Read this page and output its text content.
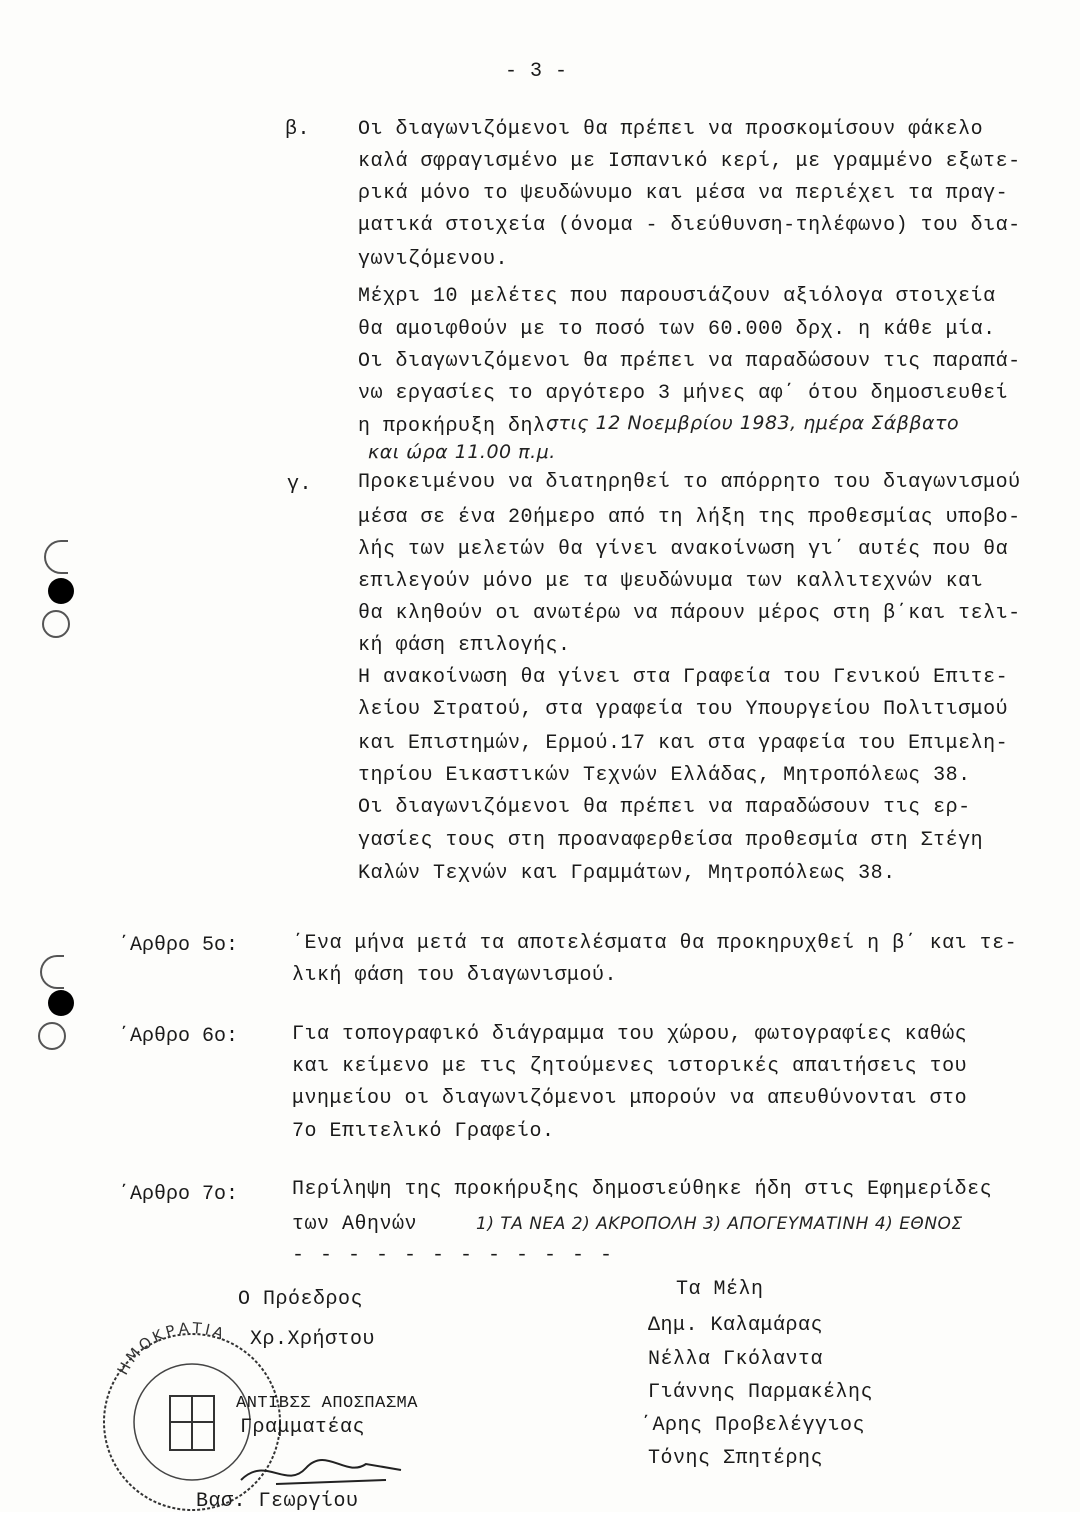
- 3 -
β. Οι διαγωνιζόμενοι θα πρέπει να προσκομίσουν φάκελο
καλά σφραγισμένο με Ισπανικό κερί, με γραμμένο εξωτε-
ρικά μόνο το ψευδώνυμο και μέσα να περιέχει τα πραγ-
ματικά στοιχεία (όνομα - διεύθυνση-τηλέφωνο) του δια-
γωνιζόμενου.
Μέχρι 10 μελέτες που παρουσιάζουν αξιόλογα στοιχεία
θα αμοιφθούν με το ποσό των 60.000 δρχ. η κάθε μία.
Οι διαγωνιζόμενοι θα πρέπει να παραδώσουν τις παραπά-
νω εργασίες το αργότερο 3 μήνες αφ΄ ότου δημοσιευθεί
η προκήρυξη δηλ.
στις 12 Νοεμβρίου 1983, ημέρα Σάββατο
και ώρα 11.00 π.μ.
γ. Προκειμένου να διατηρηθεί το απόρρητο του διαγωνισμού
μέσα σε ένα 20ήμερο από τη λήξη της προθεσμίας υποβο-
λής των μελετών θα γίνει ανακοίνωση γι΄ αυτές που θα
επιλεγούν μόνο με τα ψευδώνυμα των καλλιτεχνών και
θα κληθούν οι ανωτέρω να πάρουν μέρος στη β΄και τελι-
κή φάση επιλογής.
Η ανακοίνωση θα γίνει στα Γραφεία του Γενικού Επιτε-
λείου Στρατού, στα γραφεία του Υπουργείου Πολιτισμού
και Επιστημών, Ερμού.17 και στα γραφεία του Επιμελη-
τηρίου Εικαστικών Τεχνών Ελλάδας, Μητροπόλεως 38.
Οι διαγωνιζόμενοι θα πρέπει να παραδώσουν τις ερ-
γασίες τους στη προαναφερθείσα προθεσμία στη Στέγη
Καλών Τεχνών και Γραμμάτων, Μητροπόλεως 38.
΄Αρθρο 5ο:	΄Ενα μήνα μετά τα αποτελέσματα θα προκηρυχθεί η β΄ και τε-
λική φάση του διαγωνισμού.
΄Αρθρο 6ο:	Για τοπογραφικό διάγραμμα του χώρου, φωτογραφίες καθώς
και κείμενο με τις ζητούμενες ιστορικές απαιτήσεις του
μνημείου οι διαγωνιζόμενοι μπορούν να απευθύνονται στο
7ο Επιτελικό Γραφείο.
΄Αρθρο 7ο:	Περίληψη της προκήρυξης δημοσιεύθηκε ήδη στις Εφημερίδες
των Αθηνών	1) ΤΑ ΝΕΑ 2) ΑΚΡΟΠΟΛΗ 3) ΑΠΟΓΕΥΜΑΤΙΝΗ 4) ΕΘΝΟΣ
- - - - - - - - - - - -
ΗΜΟΚΡΑΤΙΑ
Ο Πρόεδρος
Χρ.Χρήστου
ΑΝΤΙΒΣΣ ΑΠΟΣΠΑΣΜΑ
Γραμματέας
Βασ. Γεωργίου
Τα Μέλη
Δημ. Καλαμάρας
Νέλλα Γκόλαντα
Γιάννης Παρμακέλης
΄Αρης Προβελέγγιος
Τόνης Σπητέρης
